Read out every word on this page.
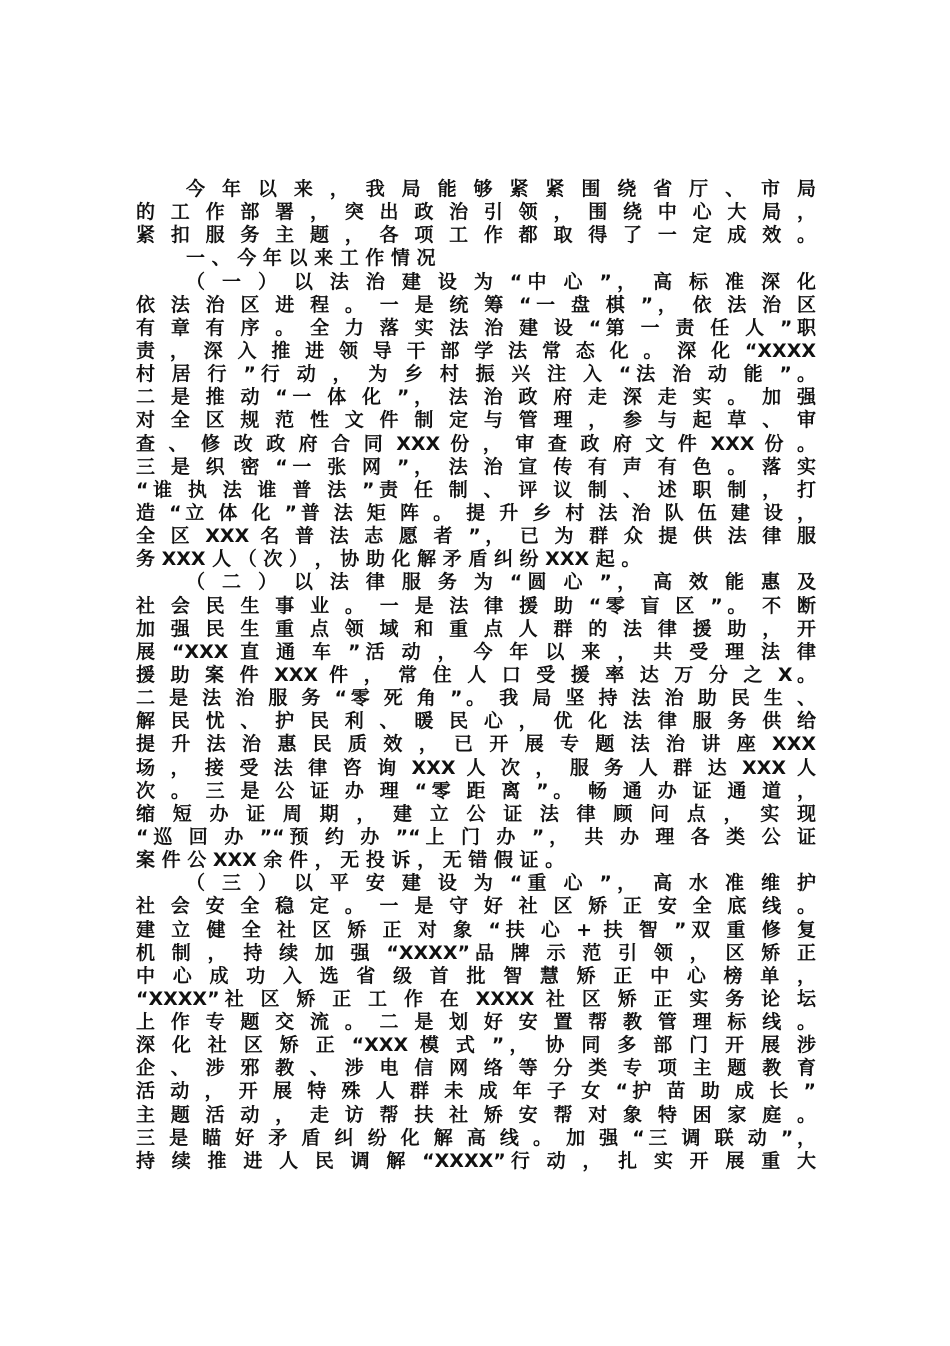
今 年 以 来 ， 我 局 能 够 紧 紧 围 绕 省 厅 、 市 局
的 工 作 部 署 ， 突 出 政 治 引 领 ， 围 绕 中 心 大 局 ，
紧 扣 服 务 主 题 ， 各 项 工 作 都 取 得 了 一 定 成 效 。
一 、 今 年 以 来 工 作 情 况
（ 一 ） 以 法 治 建 设 为 “中 心 ”， 高 标 准 深 化
依 法 治 区 进 程 。 一 是 统 筹 “一 盘 棋 ”， 依 法 治 区
有 章 有 序 。 全 力 落 实 法 治 建 设 “第 一 责 任 人 ”职
责 ， 深 入 推 进 领 导 干 部 学 法 常 态 化 。 深 化 “XXXX
村 居 行 ”行 动 ， 为 乡 村 振 兴 注 入 “法 治 动 能 ”。
二 是 推 动 “一 体 化 ”， 法 治 政 府 走 深 走 实 。 加 强
对 全 区 规 范 性 文 件 制 定 与 管 理 ， 参 与 起 草 、 审
查 、 修 改 政 府 合 同 XXX 份 ， 审 查 政 府 文 件 XXX 份 。
三 是 织 密 “一 张 网 ”， 法 治 宣 传 有 声 有 色 。 落 实
“谁 执 法 谁 普 法 ”责 任 制 、 评 议 制 、 述 职 制 ， 打
造 “立 体 化 ”普 法 矩 阵 。 提 升 乡 村 法 治 队 伍 建 设 ，
全 区 XXX 名 普 法 志 愿 者 ”， 已 为 群 众 提 供 法 律 服
务 XXX 人 （ 次 ） ， 协 助 化 解 矛 盾 纠 纷 XXX 起 。
（ 二 ） 以 法 律 服 务 为 “圆 心 ”， 高 效 能 惠 及
社 会 民 生 事 业 。 一 是 法 律 援 助 “零 盲 区 ”。 不 断
加 强 民 生 重 点 领 域 和 重 点 人 群 的 法 律 援 助 ， 开
展 “XXX 直 通 车 ”活 动 ， 今 年 以 来 ， 共 受 理 法 律
援 助 案 件 XXX 件 ， 常 住 人 口 受 援 率 达 万 分 之 X。
二 是 法 治 服 务 “零 死 角 ”。 我 局 坚 持 法 治 助 民 生 、
解 民 忧 、 护 民 利 、 暖 民 心 ， 优 化 法 律 服 务 供 给
提 升 法 治 惠 民 质 效 ， 已 开 展 专 题 法 治 讲 座 XXX
场 ， 接 受 法 律 咨 询 XXX 人 次 ， 服 务 人 群 达 XXX 人
次 。 三 是 公 证 办 理 “零 距 离 ”。 畅 通 办 证 通 道 ，
缩 短 办 证 周 期 ， 建 立 公 证 法 律 顾 问 点 ， 实 现
“巡 回 办 ”“预 约 办 ”“上 门 办 ”， 共 办 理 各 类 公 证
案 件 公 XXX 余 件 ， 无 投 诉 ， 无 错 假 证 。
（ 三 ） 以 平 安 建 设 为 “重 心 ”， 高 水 准 维 护
社 会 安 全 稳 定 。 一 是 守 好 社 区 矫 正 安 全 底 线 。
建 立 健 全 社 区 矫 正 对 象 “扶 心 + 扶 智 ”双 重 修 复
机 制 ， 持 续 加 强 “XXXX”品 牌 示 范 引 领 ， 区 矫 正
中 心 成 功 入 选 省 级 首 批 智 慧 矫 正 中 心 榜 单 ，
“XXXX”社 区 矫 正 工 作 在 XXXX 社 区 矫 正 实 务 论 坛
上 作 专 题 交 流 。 二 是 划 好 安 置 帮 教 管 理 标 线 。
深 化 社 区 矫 正 “XXX 模 式 ”， 协 同 多 部 门 开 展 涉
企 、 涉 邪 教 、 涉 电 信 网 络 等 分 类 专 项 主 题 教 育
活 动 ， 开 展 特 殊 人 群 未 成 年 子 女 “护 苗 助 成 长 ”
主 题 活 动 ， 走 访 帮 扶 社 矫 安 帮 对 象 特 困 家 庭 。
三 是 瞄 好 矛 盾 纠 纷 化 解 高 线 。 加 强 “三 调 联 动 ”，
持 续 推 进 人 民 调 解 “XXXX”行 动 ， 扎 实 开 展 重 大
